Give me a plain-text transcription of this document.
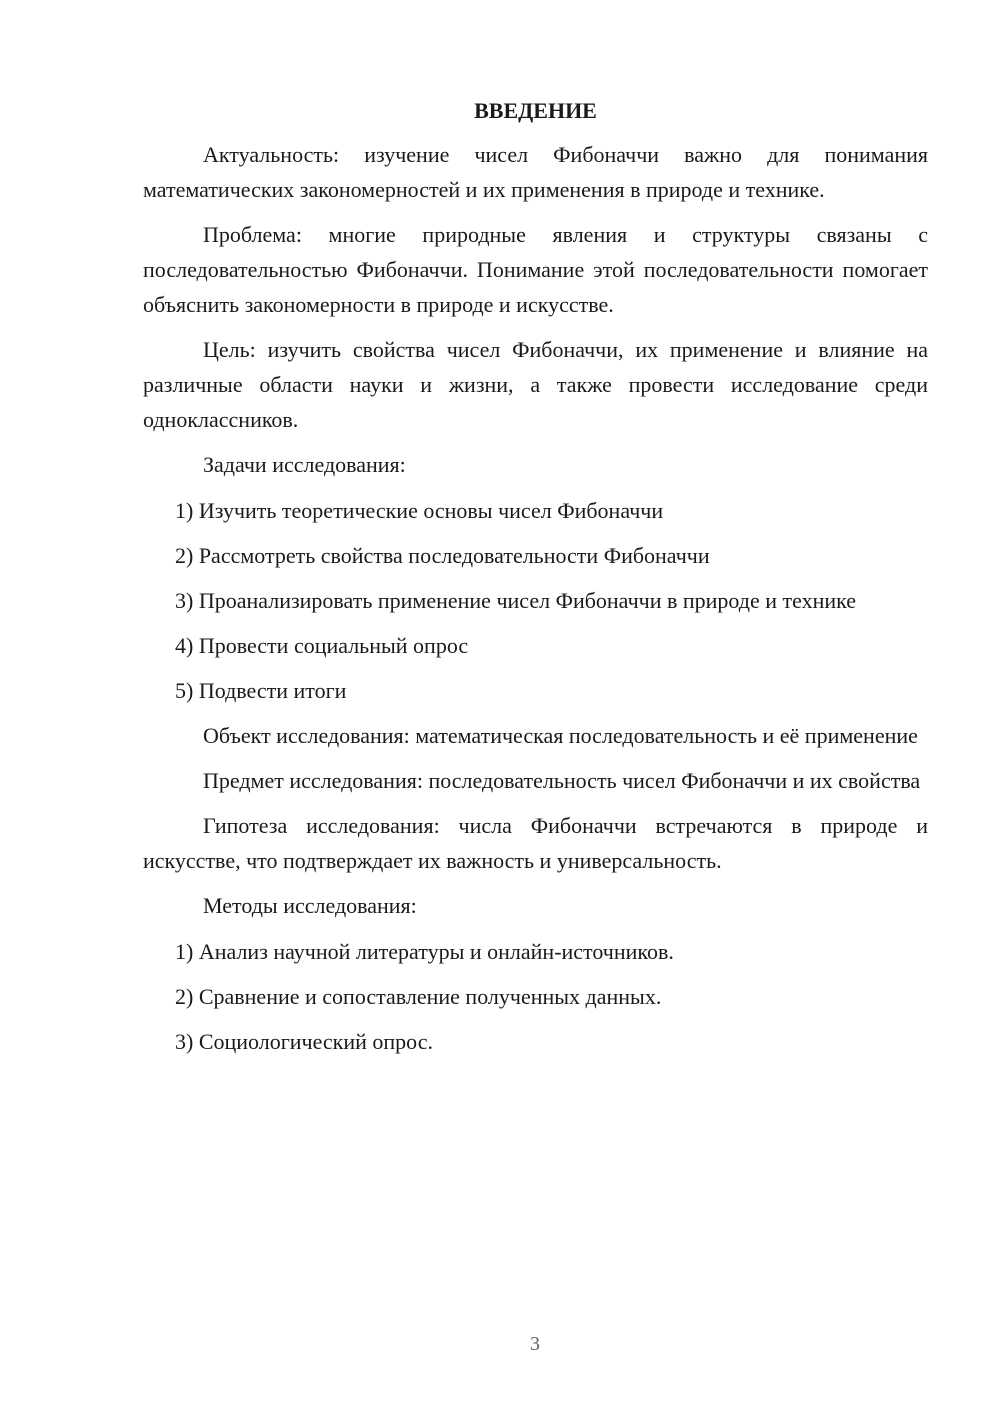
ВВЕДЕНИЕ

Актуальность: изучение чисел Фибоначчи важно для понимания математических закономерностей и их применения в природе и технике.

Проблема: многие природные явления и структуры связаны с последовательностью Фибоначчи. Понимание этой последовательности помогает объяснить закономерности в природе и искусстве.

Цель: изучить свойства чисел Фибоначчи, их применение и влияние на различные области науки и жизни, а также провести исследование среди одноклассников.

Задачи исследования:

1) Изучить теоретические основы чисел Фибоначчи

2) Рассмотреть свойства последовательности Фибоначчи

3) Проанализировать применение чисел Фибоначчи в природе и технике

4) Провести социальный опрос

5) Подвести итоги

Объект исследования: математическая последовательность и её применение

Предмет исследования: последовательность чисел Фибоначчи и их свойства

Гипотеза исследования: числа Фибоначчи встречаются в природе и искусстве, что подтверждает их важность и универсальность.

Методы исследования:

1) Анализ научной литературы и онлайн-источников.

2) Сравнение и сопоставление полученных данных.

3) Социологический опрос.

3
